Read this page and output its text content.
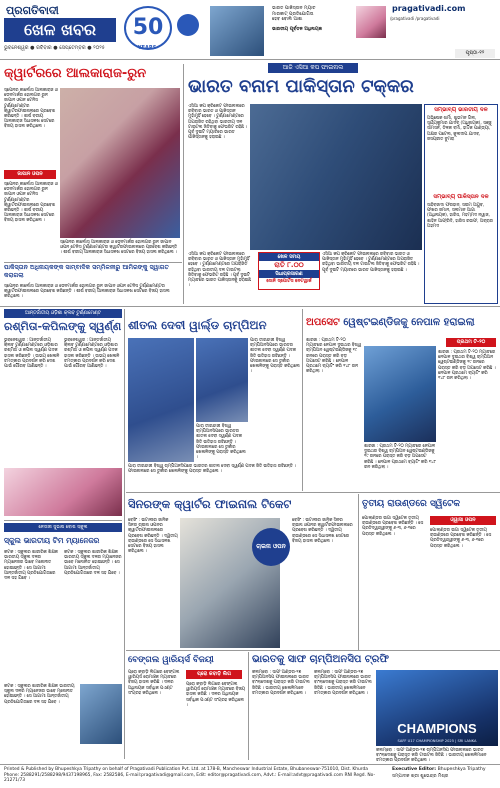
ପ୍ରଗତିବାଦୀ
ଖେଳ ଖବର
ଭୁବନେଶ୍ୱର ● ରବିବାର ● ସେପ୍ଟେମ୍ବର ● ୨୦୨୫
50
YEARS
ଭାରତ ପାକିସ୍ତାନ ମ୍ୟାଚ
ମାରକାଟ୍‌ ପ୍ରତିଯୋଗିତା
ହେବ ବୋଲି ଆଶା
ଭାରତୀୟ ପୂର୍ବତନ ଅଧିନାୟକ
pragativadi.com
/pragativadi /pragativadi
ପୃଷ୍ଠା-୧୨
କ୍ୱାର୍ଟରରେ ଆଲକାରାଜ-ରୁନ
ଜାପାନ ଓପନ
ସ୍ପେନର କାର୍ଲୋସ ଆଲକାରାଜ ଓ ଡେନମାର୍କର ହୋଲଗର ରୁନ ଜାପାନ ଓପନ ଟେନିସ ଟୁର୍ଣ୍ଣାମେଣ୍ଟର କ୍ୱାର୍ଟରଫାଇନାଲରେ ପ୍ରବେଶ କରିଛନ୍ତି । ଶୀର୍ଷ ବରୀୟ ଆଲକାରାଜ ସିଧାସଳଖ ସେଟରେ ବିଜୟ ହାସଲ କରିଥିଲେ ।
ସ୍ପେନର କାର୍ଲୋସ ଆଲକାରାଜ ଓ ଡେନମାର୍କର ହୋଲଗର ରୁନ ଜାପାନ ଓପନ ଟେନିସ ଟୁର୍ଣ୍ଣାମେଣ୍ଟର କ୍ୱାର୍ଟରଫାଇନାଲରେ ପ୍ରବେଶ କରିଛନ୍ତି । ଶୀର୍ଷ ବରୀୟ ଆଲକାରାଜ ସିଧାସଳଖ ସେଟରେ ବିଜୟ ହାସଲ କରିଥିଲେ ।
ସ୍ପେନର କାର୍ଲୋସ ଆଲକାରାଜ ଓ ଡେନମାର୍କର ହୋଲଗର ରୁନ ଜାପାନ ଓପନ ଟେନିସ ଟୁର୍ଣ୍ଣାମେଣ୍ଟର କ୍ୱାର୍ଟରଫାଇନାଲରେ ପ୍ରବେଶ କରିଛନ୍ତି । ଶୀର୍ଷ ବରୀୟ ଆଲକାରାଜ ସିଧାସଳଖ ସେଟରେ ବିଜୟ ହାସଲ କରିଥିଲେ ।
ଆଜି ଏସିଆ କପ ଫାଇନାଲ
ଭାରତ ବନାମ ପାକିସ୍ତାନ ଟକ୍କର
ଏସିଆ କପ କ୍ରିକେଟ ଫାଇନାଲରେ ରବିବାର ଭାରତ ଓ ପାକିସ୍ତାନ ମୁହାଁମୁହିଁ ହେବେ । ଟୁର୍ଣ୍ଣାମେଣ୍ଟରେ ଅପରାଜିତ ରହିଥିବା ଭାରତୀୟ ଦଳ ଟାଇଟଲ ଜିତିବାକୁ ଫେଭରିଟ ରହିଛି । ପୂର୍ବ ଦୁଇଟି ମ୍ୟାଚରେ ଭାରତ ପାକିସ୍ତାନକୁ ହରାଇଛି ।
ସମ୍ଭାବ୍ୟ ଭାରତୀୟ ଦଳ
ଅଭିଷେକ ଶର୍ମା, ଶୁଭମନ ଗିଲ, ସୂର୍ଯ୍ୟକୁମାର ଯାଦବ (ଅଧିନାୟକ), ସଞ୍ଜୁ ସାମସନ, ତିଳକ ବର୍ମା, ହାର୍ଦ୍ଦିକ ପାଣ୍ଡ୍ୟା, ଅକ୍ଷର ପଟେଲ, କୁଲଦୀପ ଯାଦବ, ଜସପ୍ରୀତ ବୁମରା
ସମ୍ଭାବ୍ୟ ପାକିସ୍ତାନ ଦଳ
ସାହିବଜାଦା ଫରହାନ, ସଇମ ଅୟୁବ, ଫଖର ଜମାନ, ସଲମାନ ଆଗା (ଅଧିନାୟକ), ହାରିସ, ମହମ୍ମଦ ନୱାଜ, ଶାହିନ ଆଫ୍ରିଦି, ହାରିସ ରଉଫ, ଅବ୍ରାର ଅହମଦ
ଖେଳ ସମୟ
ରାତି ୮.୦୦
ସିଧାପ୍ରସାରଣ
ସୋନି ସ୍ପୋର୍ଟସ ନେଟୱାର୍କ
ଏସିଆ କପ କ୍ରିକେଟ ଫାଇନାଲରେ ରବିବାର ଭାରତ ଓ ପାକିସ୍ତାନ ମୁହାଁମୁହିଁ ହେବେ । ଟୁର୍ଣ୍ଣାମେଣ୍ଟରେ ଅପରାଜିତ ରହିଥିବା ଭାରତୀୟ ଦଳ ଟାଇଟଲ ଜିତିବାକୁ ଫେଭରିଟ ରହିଛି । ପୂର୍ବ ଦୁଇଟି ମ୍ୟାଚରେ ଭାରତ ପାକିସ୍ତାନକୁ ହରାଇଛି ।
ଏସିଆ କପ କ୍ରିକେଟ ଫାଇନାଲରେ ରବିବାର ଭାରତ ଓ ପାକିସ୍ତାନ ମୁହାଁମୁହିଁ ହେବେ । ଟୁର୍ଣ୍ଣାମେଣ୍ଟରେ ଅପରାଜିତ ରହିଥିବା ଭାରତୀୟ ଦଳ ଟାଇଟଲ ଜିତିବାକୁ ଫେଭରିଟ ରହିଛି । ପୂର୍ବ ଦୁଇଟି ମ୍ୟାଚରେ ଭାରତ ପାକିସ୍ତାନକୁ ହରାଇଛି ।
ପାକିସ୍ତାନ ଅଧିନାୟକଙ୍କ ସାମ୍ବାଦିକ ସମ୍ମିଳନୀରୁ ଆମିରଙ୍କୁ ସ୍ୱାଗତ କରାଗଲା
ସ୍ପେନର କାର୍ଲୋସ ଆଲକାରାଜ ଓ ଡେନମାର୍କର ହୋଲଗର ରୁନ ଜାପାନ ଓପନ ଟେନିସ ଟୁର୍ଣ୍ଣାମେଣ୍ଟର କ୍ୱାର୍ଟରଫାଇନାଲରେ ପ୍ରବେଶ କରିଛନ୍ତି । ଶୀର୍ଷ ବରୀୟ ଆଲକାରାଜ ସିଧାସଳଖ ସେଟରେ ବିଜୟ ହାସଲ କରିଥିଲେ ।
ଆନ୍ତର୍ଜାତୀୟ ଓଡ଼ିଶା କ୍ଲବ ଟୁର୍ଣ୍ଣାମେଣ୍ଟ
ରଶ୍ମିତା-କପିଲଙ୍କୁ ସ୍ୱର୍ଣ୍ଣ
ଭୁବନେଶ୍ୱର : ଆନ୍ତର୍ଜାତୀୟ କ୍ଲବ ଟୁର୍ଣ୍ଣାମେଣ୍ଟରେ ଓଡ଼ିଶାର ରଶ୍ମିତା ଓ କପିଲ ସ୍ୱର୍ଣ୍ଣ ପଦକ ହାସଲ କରିଛନ୍ତି । ଉଭୟ ଖେଳାଳି ଚମତ୍କାର ପ୍ରଦର୍ଶନ କରି ଦେଶ ପାଇଁ ଗୌରବ ଆଣିଛନ୍ତି ।
ଭୁବନେଶ୍ୱର : ଆନ୍ତର୍ଜାତୀୟ କ୍ଲବ ଟୁର୍ଣ୍ଣାମେଣ୍ଟରେ ଓଡ଼ିଶାର ରଶ୍ମିତା ଓ କପିଲ ସ୍ୱର୍ଣ୍ଣ ପଦକ ହାସଲ କରିଛନ୍ତି । ଉଭୟ ଖେଳାଳି ଚମତ୍କାର ପ୍ରଦର୍ଶନ କରି ଦେଶ ପାଇଁ ଗୌରବ ଆଣିଛନ୍ତି ।
ଶୀତଲ ଦେବୀ ୱାର୍ଲ୍ଡ ଚାମ୍ପିଅନ
ପାରା ତୀରନ୍ଦାଜୀ ବିଶ୍ୱ ଚାମ୍ପିଅନସିପରେ ଭାରତର ଶୀତଲ ଦେବୀ ସ୍ୱର୍ଣ୍ଣ ପଦକ ଜିତି ଇତିହାସ ରଚିଛନ୍ତି । ଫାଇନାଲରେ ସେ ତୁର୍କୀର ଖେଳାଳିଙ୍କୁ ପରାସ୍ତ କରିଥିଲେ ।
ପାରା ତୀରନ୍ଦାଜୀ ବିଶ୍ୱ ଚାମ୍ପିଅନସିପରେ ଭାରତର ଶୀତଲ ଦେବୀ ସ୍ୱର୍ଣ୍ଣ ପଦକ ଜିତି ଇତିହାସ ରଚିଛନ୍ତି । ଫାଇନାଲରେ ସେ ତୁର୍କୀର ଖେଳାଳିଙ୍କୁ ପରାସ୍ତ କରିଥିଲେ ।
ପାରା ତୀରନ୍ଦାଜୀ ବିଶ୍ୱ ଚାମ୍ପିଅନସିପରେ ଭାରତର ଶୀତଲ ଦେବୀ ସ୍ୱର୍ଣ୍ଣ ପଦକ ଜିତି ଇତିହାସ ରଚିଛନ୍ତି । ଫାଇନାଲରେ ସେ ତୁର୍କୀର ଖେଳାଳିଙ୍କୁ ପରାସ୍ତ କରିଥିଲେ ।
ଅପସେଟ ୱେଷ୍ଟଇଣ୍ଡିଜକୁ ନେପାଳ ହରାଇଲା
ଶାରଜା : ପ୍ରଥମ ଟି-୨୦ ମ୍ୟାଚରେ ନେପାଳ ଦୁଇଥର ବିଶ୍ୱ ଚାମ୍ପିଅନ ୱେଷ୍ଟଇଣ୍ଡିଜକୁ ୧୯ ରନରେ ପରାସ୍ତ କରି ବଡ଼ ଅପସେଟ କରିଛି । ନେପାଳ ପ୍ରଥମେ ବ୍ୟାଟିଂ କରି ୧୪୮ ରନ କରିଥିଲା ।
ପ୍ରଥମ ଟି-୨୦
ଶାରଜା : ପ୍ରଥମ ଟି-୨୦ ମ୍ୟାଚରେ ନେପାଳ ଦୁଇଥର ବିଶ୍ୱ ଚାମ୍ପିଅନ ୱେଷ୍ଟଇଣ୍ଡିଜକୁ ୧୯ ରନରେ ପରାସ୍ତ କରି ବଡ଼ ଅପସେଟ କରିଛି । ନେପାଳ ପ୍ରଥମେ ବ୍ୟାଟିଂ କରି ୧୪୮ ରନ କରିଥିଲା ।
ଶାରଜା : ପ୍ରଥମ ଟି-୨୦ ମ୍ୟାଚରେ ନେପାଳ ଦୁଇଥର ବିଶ୍ୱ ଚାମ୍ପିଅନ ୱେଷ୍ଟଇଣ୍ଡିଜକୁ ୧୯ ରନରେ ପରାସ୍ତ କରି ବଡ଼ ଅପସେଟ କରିଛି । ନେପାଳ ପ୍ରଥମେ ବ୍ୟାଟିଂ କରି ୧୪୮ ରନ କରିଥିଲା ।
ସିନରଙ୍କ କ୍ୱାର୍ଟର ଫାଇନାଲ ଟିକେଟ
ବେଜିଂ : ଇଟାଲୀର ଜାନିକ ସିନର ଚାଇନା ଓପନର କ୍ୱାର୍ଟରଫାଇନାଲରେ ପ୍ରବେଶ କରିଛନ୍ତି । ଦ୍ୱିତୀୟ ରାଉଣ୍ଡରେ ସେ ସିଧାସଳଖ ସେଟରେ ବିଜୟ ହାସଲ କରିଥିଲେ ।
ଚାଇନା ଓପନ
ବେଜିଂ : ଇଟାଲୀର ଜାନିକ ସିନର ଚାଇନା ଓପନର କ୍ୱାର୍ଟରଫାଇନାଲରେ ପ୍ରବେଶ କରିଛନ୍ତି । ଦ୍ୱିତୀୟ ରାଉଣ୍ଡରେ ସେ ସିଧାସଳଖ ସେଟରେ ବିଜୟ ହାସଲ କରିଥିଲେ ।
ତୃତୀୟ ରାଉଣ୍ଡରେ ସ୍ୱିଟେକ
ଓ୍ୱାସା ଓପନ
ପୋଲାଣ୍ଡର ଇଗା ସ୍ୱିଟେକ ତୃତୀୟ ରାଉଣ୍ଡରେ ପ୍ରବେଶ କରିଛନ୍ତି । ସେ ପ୍ରତିଦ୍ୱନ୍ଦ୍ୱୀଙ୍କୁ ୬-୩, ୬-୧ରେ ପରାସ୍ତ କରିଥିଲେ ।
ପୋଲାଣ୍ଡର ଇଗା ସ୍ୱିଟେକ ତୃତୀୟ ରାଉଣ୍ଡରେ ପ୍ରବେଶ କରିଛନ୍ତି । ସେ ପ୍ରତିଦ୍ୱନ୍ଦ୍ୱୀଙ୍କୁ ୬-୩, ୬-୧ରେ ପରାସ୍ତ କରିଥିଲେ ।
ନେତାଜୀ ସୁଭାଷ ବୋଷ ସ୍କୁଲ
ସ୍କୁଲ ଭାରତୀୟ ଟିମ ମ୍ୟାନେଜର
କଟକ : ସ୍କୁଲର ଶାରୀରିକ ଶିକ୍ଷକ ଭାରତୀୟ ସ୍କୁଲ ଦଳର ମ୍ୟାନେଜର ଭାବେ ମନୋନୀତ ହୋଇଛନ୍ତି । ସେ ଆଗାମୀ ଆନ୍ତର୍ଜାତୀୟ ପ୍ରତିଯୋଗିତାରେ ଦଳ ସହ ଯିବେ ।
କଟକ : ସ୍କୁଲର ଶାରୀରିକ ଶିକ୍ଷକ ଭାରତୀୟ ସ୍କୁଲ ଦଳର ମ୍ୟାନେଜର ଭାବେ ମନୋନୀତ ହୋଇଛନ୍ତି । ସେ ଆଗାମୀ ଆନ୍ତର୍ଜାତୀୟ ପ୍ରତିଯୋଗିତାରେ ଦଳ ସହ ଯିବେ ।
କଟକ : ସ୍କୁଲର ଶାରୀରିକ ଶିକ୍ଷକ ଭାରତୀୟ ସ୍କୁଲ ଦଳର ମ୍ୟାନେଜର ଭାବେ ମନୋନୀତ ହୋଇଛନ୍ତି । ସେ ଆଗାମୀ ଆନ୍ତର୍ଜାତୀୟ ପ୍ରତିଯୋଗିତାରେ ଦଳ ସହ ଯିବେ ।
ବେଙ୍ଗଲ ୱାରିୟର୍ସ ବିଜୟୀ
ପ୍ରୋ କବାଡ଼ି ଲିଗ
ପ୍ରୋ କବାଡ଼ି ଲିଗରେ ବେଙ୍ଗଲ ୱାରିୟର୍ସ ରୋମାଞ୍ଚକ ମ୍ୟାଚରେ ବିଜୟ ହାସଲ କରିଛି । ଦଳର ଅଧିନାୟକ ସର୍ବାଧିକ ପଏଣ୍ଟ ସଂଗ୍ରହ କରିଥିଲେ ।
ପ୍ରୋ କବାଡ଼ି ଲିଗରେ ବେଙ୍ଗଲ ୱାରିୟର୍ସ ରୋମାଞ୍ଚକ ମ୍ୟାଚରେ ବିଜୟ ହାସଲ କରିଛି । ଦଳର ଅଧିନାୟକ ସର୍ବାଧିକ ପଏଣ୍ଟ ସଂଗ୍ରହ କରିଥିଲେ ।
ଭାରତକୁ ସାଫ ଚାମ୍ପିଅନସିପ ଟ୍ରଫି
କଲମ୍ବୋ : ସାଫ ଅଣ୍ଡର-୧୭ ଚାମ୍ପିଅନସିପ ଫାଇନାଲରେ ଭାରତ ବାଂଲାଦେଶକୁ ପରାସ୍ତ କରି ଟାଇଟଲ ଜିତିଛି । ଭାରତୀୟ ଖେଳାଳିମାନେ ଚମତ୍କାର ପ୍ରଦର୍ଶନ କରିଥିଲେ ।
କଲମ୍ବୋ : ସାଫ ଅଣ୍ଡର-୧୭ ଚାମ୍ପିଅନସିପ ଫାଇନାଲରେ ଭାରତ ବାଂଲାଦେଶକୁ ପରାସ୍ତ କରି ଟାଇଟଲ ଜିତିଛି । ଭାରତୀୟ ଖେଳାଳିମାନେ ଚମତ୍କାର ପ୍ରଦର୍ଶନ କରିଥିଲେ ।
CHAMPIONS
SAFF U17 CHAMPIONSHIP 2025 | SRI LANKA
କଲମ୍ବୋ : ସାଫ ଅଣ୍ଡର-୧୭ ଚାମ୍ପିଅନସିପ ଫାଇନାଲରେ ଭାରତ ବାଂଲାଦେଶକୁ ପରାସ୍ତ କରି ଟାଇଟଲ ଜିତିଛି । ଭାରତୀୟ ଖେଳାଳିମାନେ ଚମତ୍କାର ପ୍ରଦର୍ଶନ କରିଥିଲେ ।
Printed & Published by Bhupeshkya Tripathy on behalf of Pragativadi Publication Pvt. Ltd. at 178-B, Mancheswar Industrial Estate, Bhubaneswar-751010, Dist. Khurda
Phone: 2588291/2588298/9437198965, Fax: 2582586, E-mail:pragativadi@gmail.com, Edit: editor@pragativadi.com, Advt.: E-mail:advt@pragativadi.com RNI Regd. No-21271/73
Executive Editor: Bhupeshkya Tripathy
ସମ୍ପାଦକ ଶ୍ରୀ ଶୁଭେନ୍ଦ୍ର ମିଶ୍ର
